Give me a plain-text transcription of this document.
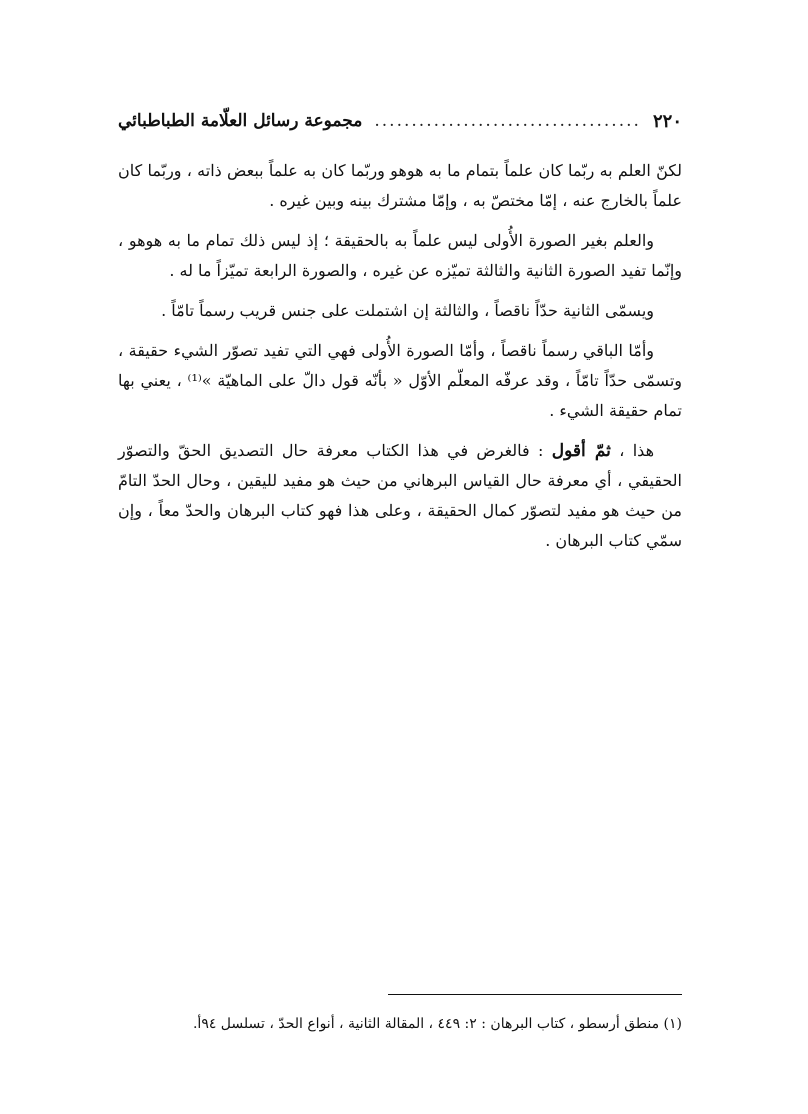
٢٢٠
....................................
مجموعة رسائل العلّامة الطباطبائي

لكنّ العلم به ربّما كان علماً بتمام ما به هوهو وربّما كان به علماً ببعض ذاته ، وربّما كان علماً بالخارج عنه ، إمّا مختصّ به ، وإمّا مشترك بينه وبين غيره .

والعلم بغير الصورة الأُولى ليس علماً به بالحقيقة ؛ إذ ليس ذلك تمام ما به هوهو ، وإنّما تفيد الصورة الثانية والثالثة تميّزه عن غيره ، والصورة الرابعة تميّزاً ما له .

ويسمّى الثانية حدّاً ناقصاً ، والثالثة إن اشتملت على جنس قريب رسماً تامّاً .

وأمّا الباقي رسماً ناقصاً ، وأمّا الصورة الأُولى فهي التي تفيد تصوّر الشيء حقيقة ، وتسمّى حدّاً تامّاً ، وقد عرفّه المعلّم الأوّل « بأنّه قول دالّ على الماهيّة »⁽¹⁾ ، يعني بها تمام حقيقة الشيء .

هذا ، ثمّ أقول : فالغرض في هذا الكتاب معرفة حال التصديق الحقّ والتصوّر الحقيقي ، أي معرفة حال القياس البرهاني من حيث هو مفيد لليقين ، وحال الحدّ التامّ من حيث هو مفيد لتصوّر كمال الحقيقة ، وعلى هذا فهو كتاب البرهان والحدّ معاً ، وإن سمّي كتاب البرهان .

(١) منطق أرسطو ، كتاب البرهان : ٢: ٤٤٩ ، المقالة الثانية ، أنواع الحدّ ، تسلسل ٩٤أ.
